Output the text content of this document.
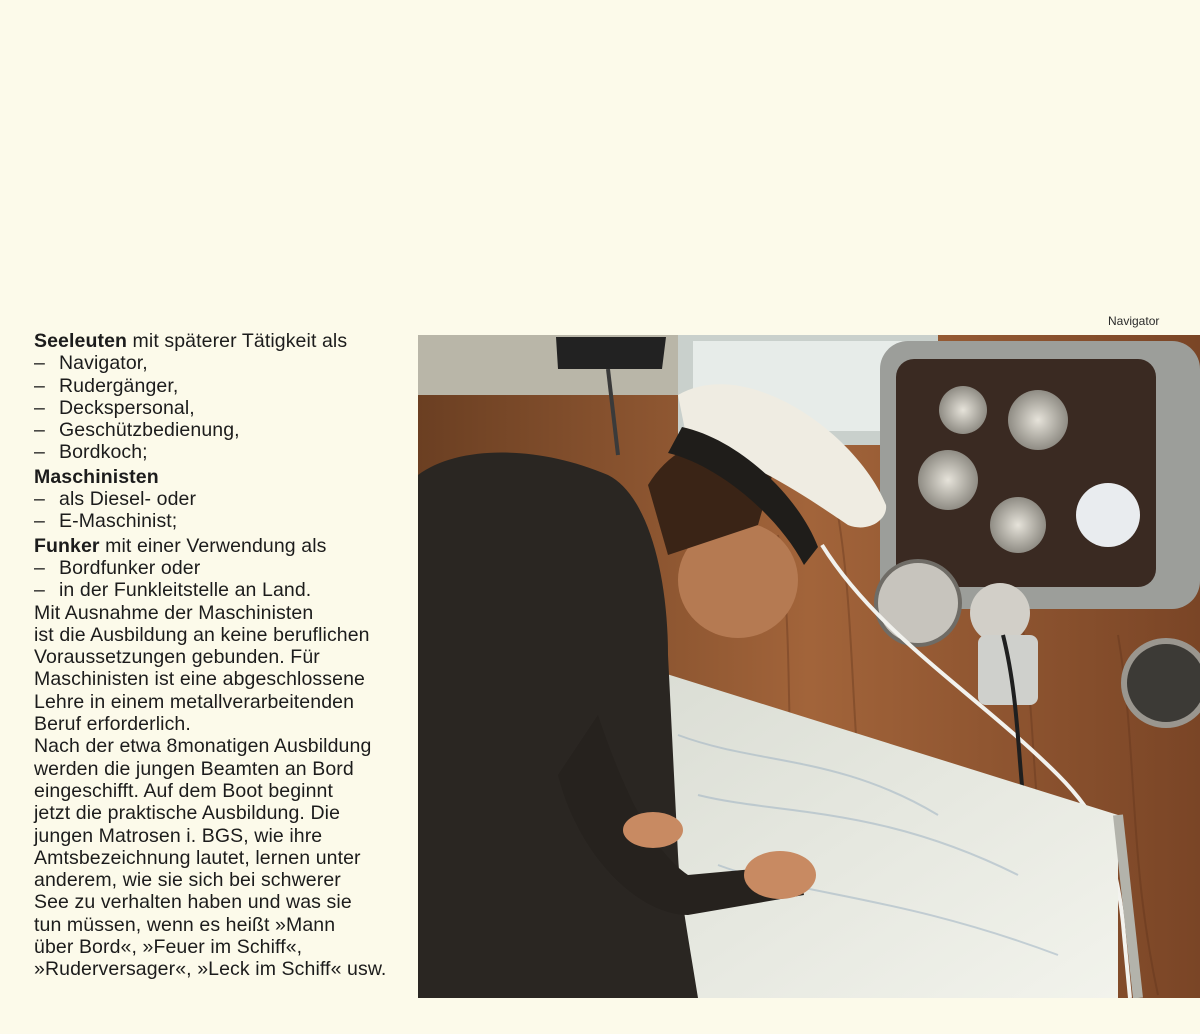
Navigator

Seeleuten mit späterer Tätigkeit als

– Navigator,
– Rudergänger,
– Deckspersonal,
– Geschützbedienung,
– Bordkoch;

Maschinisten

– als Diesel- oder
– E-Maschinist;

Funker mit einer Verwendung als

– Bordfunker oder
– in der Funkleitstelle an Land.

Mit Ausnahme der Maschinisten
ist die Ausbildung an keine beruflichen
Voraussetzungen gebunden. Für
Maschinisten ist eine abgeschlossene
Lehre in einem metallverarbeitenden
Beruf erforderlich.

Nach der etwa 8monatigen Ausbildung
werden die jungen Beamten an Bord
eingeschifft. Auf dem Boot beginnt
jetzt die praktische Ausbildung. Die
jungen Matrosen i. BGS, wie ihre
Amtsbezeichnung lautet, lernen unter
anderem, wie sie sich bei schwerer
See zu verhalten haben und was sie
tun müssen, wenn es heißt »Mann
über Bord«, »Feuer im Schiff«,
»Ruderversager«, »Leck im Schiff« usw.
